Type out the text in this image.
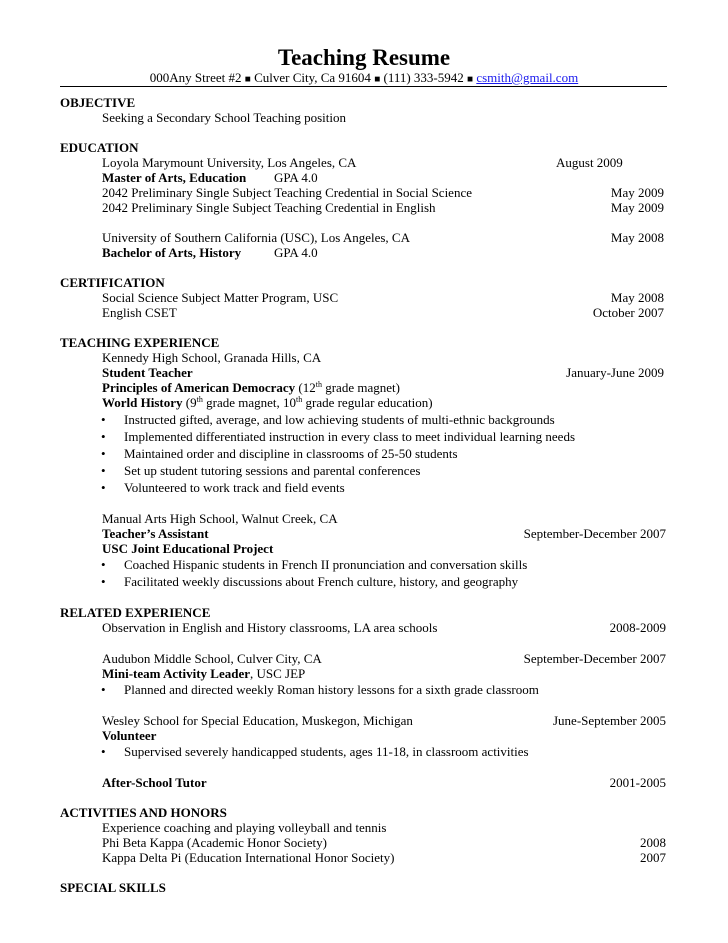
Teaching Resume
000Any Street #2 ■ Culver City, Ca 91604 ■ (111) 333-5942 ■ csmith@gmail.com
OBJECTIVE
Seeking a Secondary School Teaching position
EDUCATION
Loyola Marymount University, Los Angeles, CA	August 2009
Master of Arts, Education GPA 4.0
2042 Preliminary Single Subject Teaching Credential in Social Science	May 2009
2042 Preliminary Single Subject Teaching Credential in English	May 2009
University of Southern California (USC), Los Angeles, CA	May 2008
Bachelor of Arts, History	GPA 4.0
CERTIFICATION
Social Science Subject Matter Program, USC	May 2008
English CSET	October 2007
TEACHING EXPERIENCE
Kennedy High School, Granada Hills, CA
Student Teacher	January-June 2009
Principles of American Democracy (12th grade magnet)
World History (9th grade magnet, 10th grade regular education)
• Instructed gifted, average, and low achieving students of multi-ethnic backgrounds
• Implemented differentiated instruction in every class to meet individual learning needs
• Maintained order and discipline in classrooms of 25-50 students
• Set up student tutoring sessions and parental conferences
• Volunteered to work track and field events
Manual Arts High School, Walnut Creek, CA
Teacher’s Assistant	September-December 2007
USC Joint Educational Project
• Coached Hispanic students in French II pronunciation and conversation skills
• Facilitated weekly discussions about French culture, history, and geography
RELATED EXPERIENCE
Observation in English and History classrooms, LA area schools	2008-2009
Audubon Middle School, Culver City, CA	September-December 2007
Mini-team Activity Leader, USC JEP
• Planned and directed weekly Roman history lessons for a sixth grade classroom
Wesley School for Special Education, Muskegon, Michigan	June-September 2005
Volunteer
• Supervised severely handicapped students, ages 11-18, in classroom activities
After-School Tutor	2001-2005
ACTIVITIES AND HONORS
Experience coaching and playing volleyball and tennis
Phi Beta Kappa (Academic Honor Society)	2008
Kappa Delta Pi (Education International Honor Society)	2007
SPECIAL SKILLS
